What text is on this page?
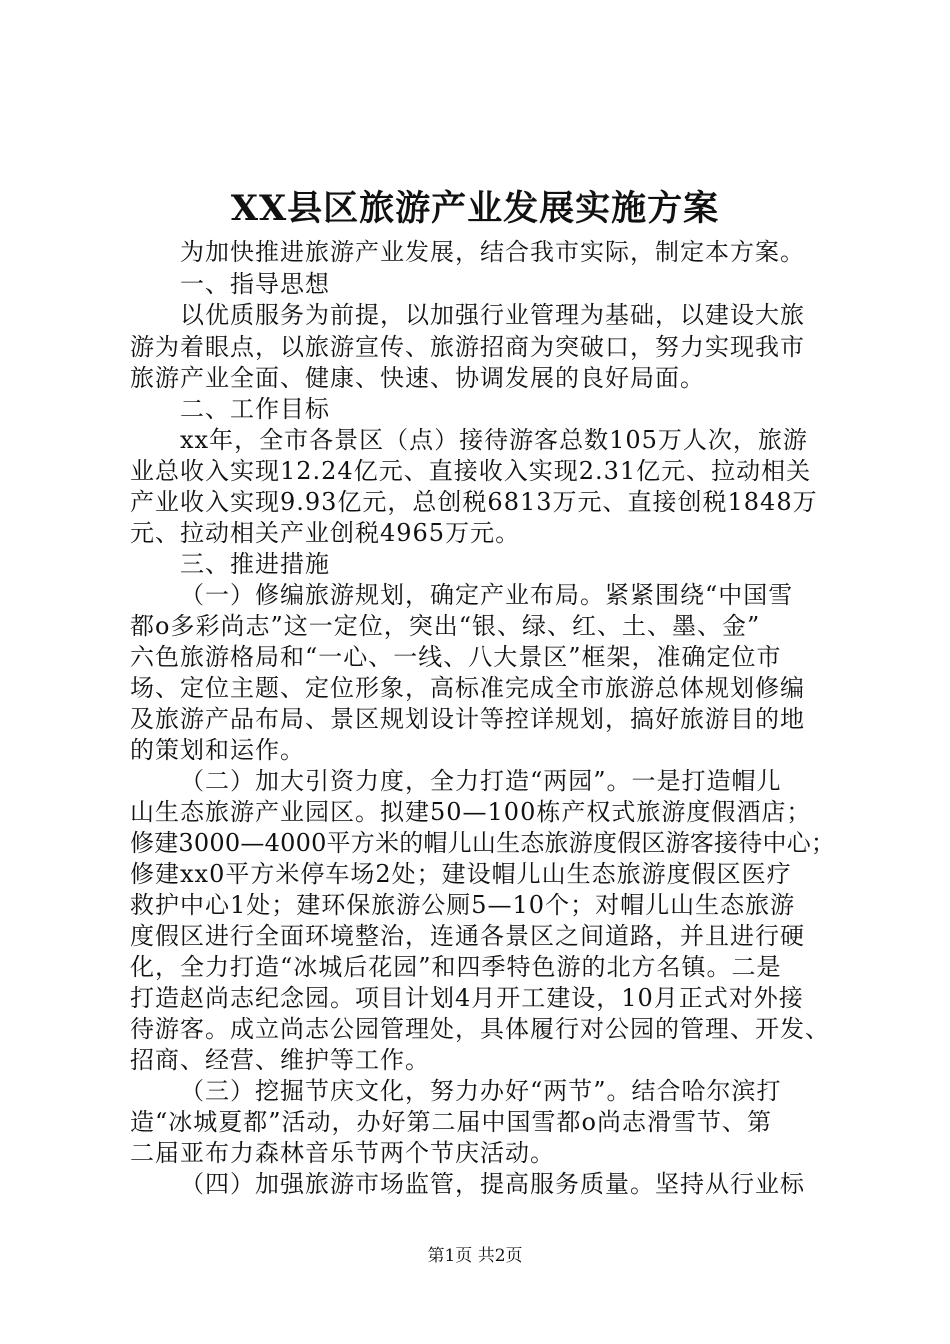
XX县区旅游产业发展实施方案
为加快推进旅游产业发展，结合我市实际，制定本方案。
一、指导思想
以优质服务为前提，以加强行业管理为基础，以建设大旅
游为着眼点，以旅游宣传、旅游招商为突破口，努力实现我市
旅游产业全面、健康、快速、协调发展的良好局面。
二、工作目标
xx年，全市各景区（点）接待游客总数105万人次，旅游
业总收入实现12.24亿元、直接收入实现2.31亿元、拉动相关
产业收入实现9.93亿元，总创税6813万元、直接创税1848万
元、拉动相关产业创税4965万元。
三、推进措施
（一）修编旅游规划，确定产业布局。紧紧围绕“中国雪
都ο多彩尚志”这一定位，突出“银、绿、红、土、墨、金”
六色旅游格局和“一心、一线、八大景区”框架，准确定位市
场、定位主题、定位形象，高标准完成全市旅游总体规划修编
及旅游产品布局、景区规划设计等控详规划，搞好旅游目的地
的策划和运作。
（二）加大引资力度，全力打造“两园”。一是打造帽儿
山生态旅游产业园区。拟建50—100栋产权式旅游度假酒店；
修建3000—4000平方米的帽儿山生态旅游度假区游客接待中心；
修建xx0平方米停车场2处；建设帽儿山生态旅游度假区医疗
救护中心1处；建环保旅游公厕5—10个；对帽儿山生态旅游
度假区进行全面环境整治，连通各景区之间道路，并且进行硬
化，全力打造“冰城后花园”和四季特色游的北方名镇。二是
打造赵尚志纪念园。项目计划4月开工建设，10月正式对外接
待游客。成立尚志公园管理处，具体履行对公园的管理、开发、
招商、经营、维护等工作。
（三）挖掘节庆文化，努力办好“两节”。结合哈尔滨打
造“冰城夏都”活动，办好第二届中国雪都ο尚志滑雪节、第
二届亚布力森林音乐节两个节庆活动。
（四）加强旅游市场监管，提高服务质量。坚持从行业标
第1页 共2页
